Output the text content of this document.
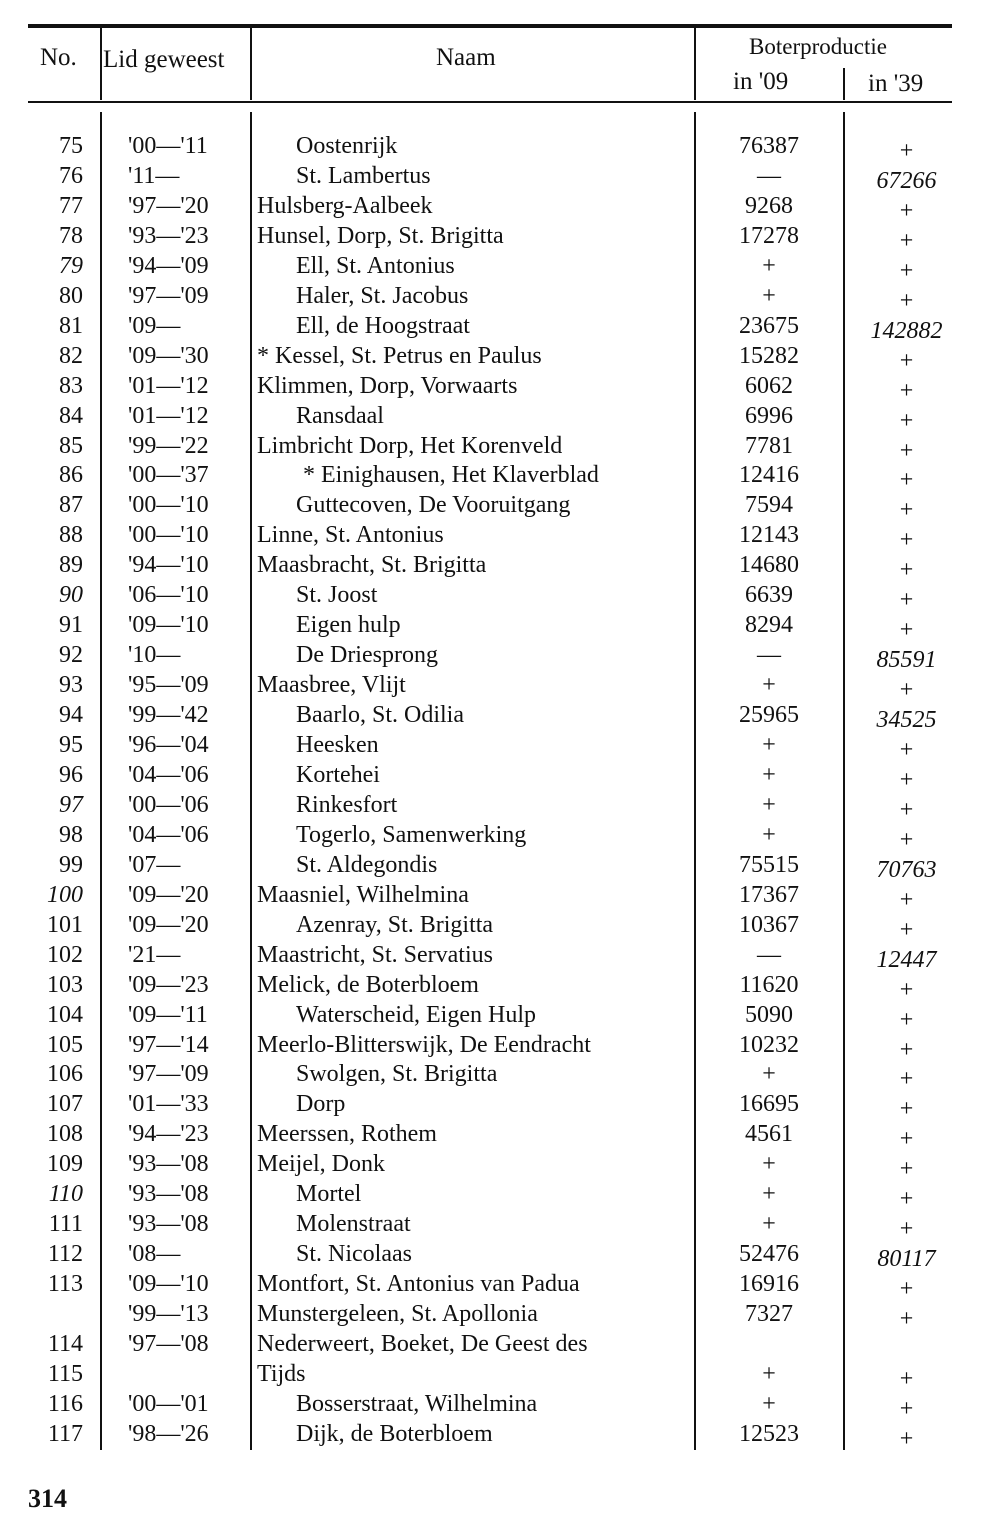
No. Lid geweest	Naam	Boterproductie
in '09	in '39
75 '00—'11	Oostenrijk	76387	+
76 '11—	St. Lambertus	—	67266
77 '97—'20 Hulsberg-Aalbeek	9268	+
78 '93—'23 Hunsel, Dorp, St. Brigitta	17278	+
79 '94—'09	Ell, St. Antonius	+	+
80 '97—'09	Haler, St. Jacobus	+	+
81 '09—	Ell, de Hoogstraat	23675	142882
82 '09—'30 * Kessel, St. Petrus en Paulus	15282	+
83 '01—'12 Klimmen, Dorp, Vorwaarts	6062	+
84 '01—'12	Ransdaal	6996	+
85 '99—'22 Limbricht Dorp, Het Korenveld	7781	+
86 '00—'37	* Einighausen, Het Klaverblad	12416	+
87 '00—'10	Guttecoven, De Vooruitgang	7594	+
88 '00—'10 Linne, St. Antonius	12143	+
89 '94—'10 Maasbracht, St. Brigitta	14680	+
90 '06—'10	St. Joost	6639	+
91 '09—'10	Eigen hulp	8294	+
92 '10—	De Driesprong	—	85591
93 '95—'09 Maasbree, Vlijt	+	+
94 '99—'42	Baarlo, St. Odilia	25965	34525
95 '96—'04	Heesken	+	+
96 '04—'06	Kortehei	+	+
97 '00—'06	Rinkesfort	+	+
98 '04—'06	Togerlo, Samenwerking	+	+
99 '07—	St. Aldegondis	75515	70763
100 '09—'20 Maasniel, Wilhelmina	17367	+
101 '09—'20	Azenray, St. Brigitta	10367	+
102 '21—	Maastricht, St. Servatius	—	12447
103 '09—'23 Melick, de Boterbloem	11620	+
104 '09—'11	Waterscheid, Eigen Hulp	5090	+
105 '97—'14 Meerlo-Blitterswijk, De Eendracht	10232	+
106 '97—'09	Swolgen, St. Brigitta	+	+
107 '01—'33	Dorp	16695	+
108 '94—'23 Meerssen, Rothem	4561	+
109 '93—'08 Meijel, Donk	+	+
110 '93—'08	Mortel	+	+
111 '93—'08	Molenstraat	+	+
112 '08—	St. Nicolaas	52476	80117
113 '09—'10 Montfort, St. Antonius van Padua	16916	+
'99—'13 Munstergeleen, St. Apollonia	7327	+
114 '97—'08 Nederweert, Boeket, De Geest des
115	Tijds	+	+
116 '00—'01	Bosserstraat, Wilhelmina	+	+
117 '98—'26	Dijk, de Boterbloem	12523	+
314
